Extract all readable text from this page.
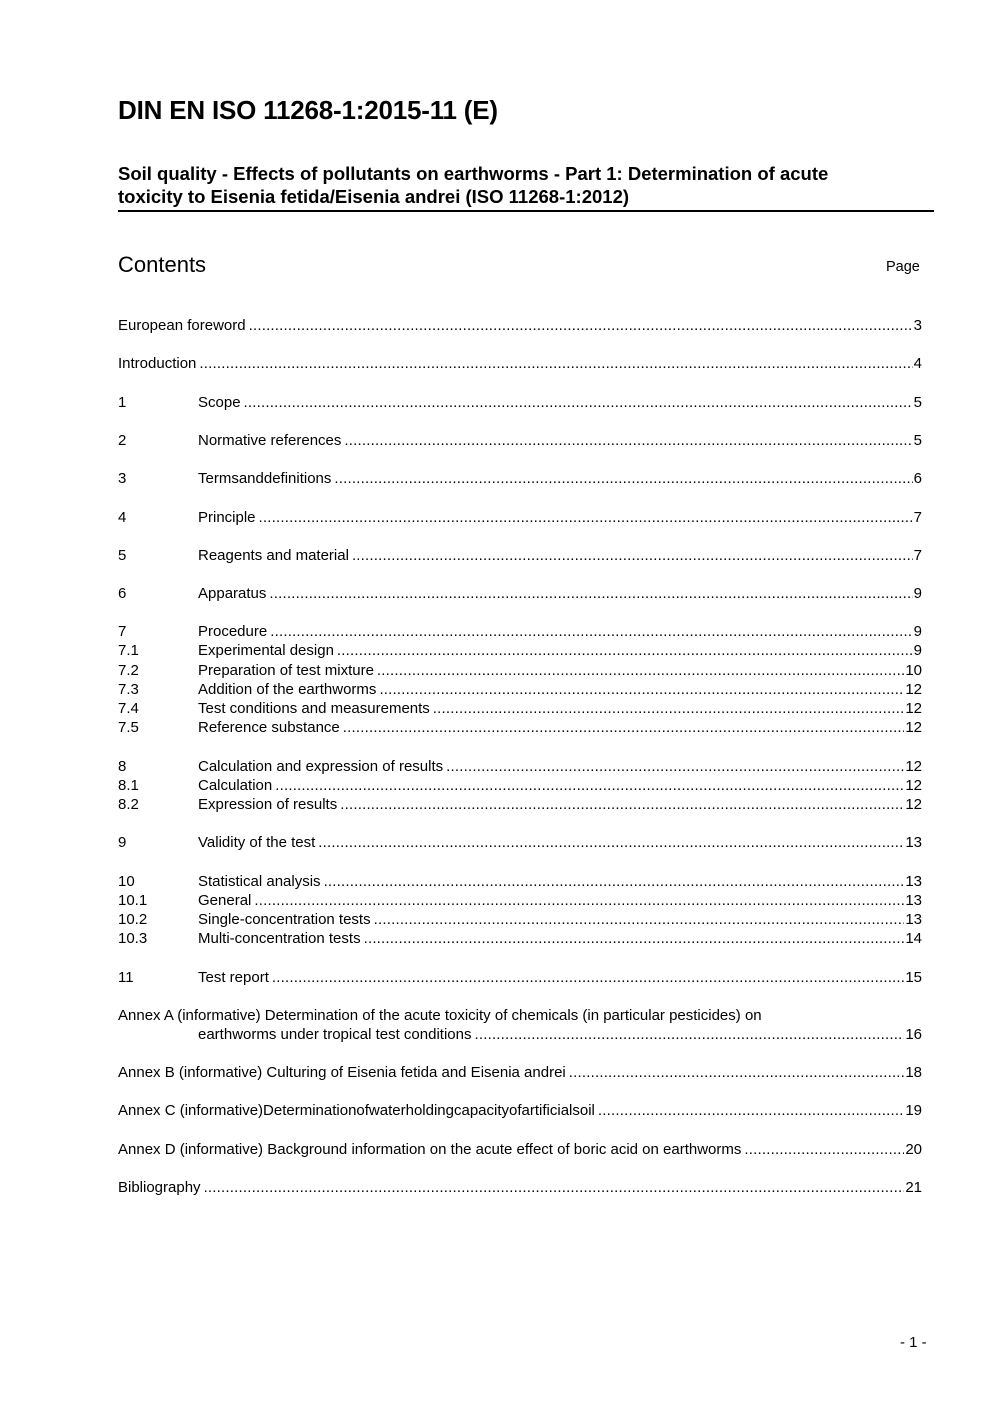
DIN EN ISO 11268-1:2015-11 (E)
Soil quality - Effects of pollutants on earthworms - Part 1: Determination of acute toxicity to Eisenia fetida/Eisenia andrei (ISO 11268-1:2012)
Contents	Page
European foreword .....	3
Introduction .....	4
1	Scope .....	5
2	Normative references .....	5
3	Termsanddefinitions .....	6
4	Principle .....	7
5	Reagents and material .....	7
6	Apparatus .....	9
7	Procedure .....	9
7.1	Experimental design .....	9
7.2	Preparation of test mixture .....	10
7.3	Addition of the earthworms .....	12
7.4	Test conditions and measurements .....	12
7.5	Reference substance .....	12
8	Calculation and expression of results .....	12
8.1	Calculation .....	12
8.2	Expression of results .....	12
9	Validity of the test .....	13
10	Statistical analysis .....	13
10.1	General .....	13
10.2	Single-concentration tests .....	13
10.3	Multi-concentration tests .....	14
11	Test report .....	15
Annex A (informative) Determination of the acute toxicity of chemicals (in particular pesticides) on
earthworms under tropical test conditions .....	16
Annex B (informative) Culturing of Eisenia fetida and Eisenia andrei .....	18
Annex C (informative)Determinationofwaterholdingcapacityofartificialsoil .....	19
Annex D (informative) Background information on the acute effect of boric acid on earthworms .....	20
Bibliography .....	21
- 1 -
